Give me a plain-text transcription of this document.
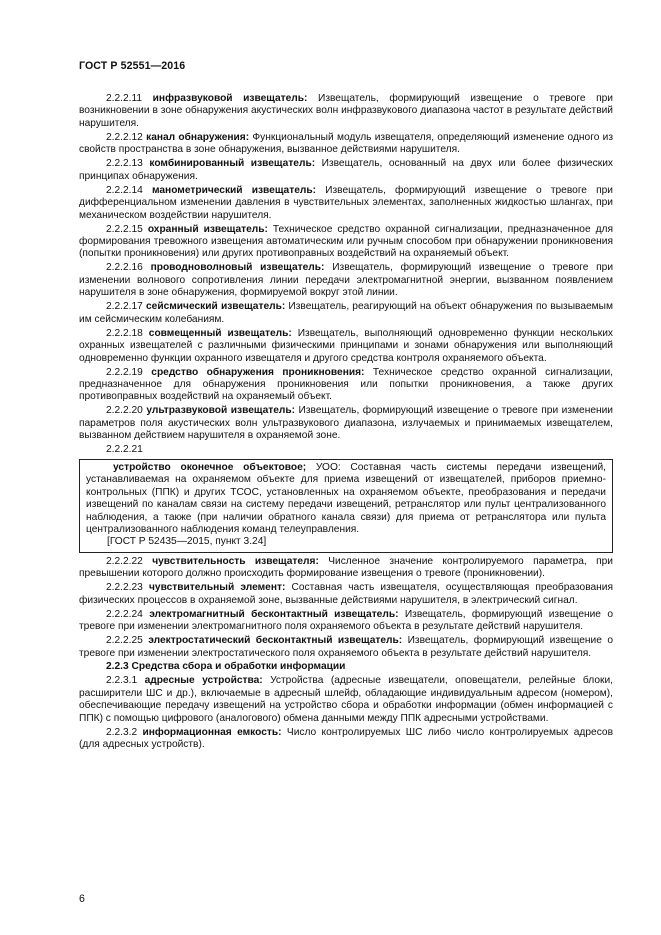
ГОСТ Р 52551—2016

2.2.2.11 инфразвуковой извещатель: Извещатель, формирующий извещение о тревоге при возникновении в зоне обнаружения акустических волн инфразвукового диапазона частот в результате действий нарушителя.

2.2.2.12 канал обнаружения: Функциональный модуль извещателя, определяющий изменение одного из свойств пространства в зоне обнаружения, вызванное действиями нарушителя.

2.2.2.13 комбинированный извещатель: Извещатель, основанный на двух или более физических принципах обнаружения.

2.2.2.14 манометрический извещатель: Извещатель, формирующий извещение о тревоге при дифференциальном изменении давления в чувствительных элементах, заполненных жидкостью шлангах, при механическом воздействии нарушителя.

2.2.2.15 охранный извещатель: Техническое средство охранной сигнализации, предназначенное для формирования тревожного извещения автоматическим или ручным способом при обнаружении проникновения (попытки проникновения) или других противоправных воздействий на охраняемый объект.

2.2.2.16 проводноволновый извещатель: Извещатель, формирующий извещение о тревоге при изменении волнового сопротивления линии передачи электромагнитной энергии, вызванном появлением нарушителя в зоне обнаружения, формируемой вокруг этой линии.

2.2.2.17 сейсмический извещатель: Извещатель, реагирующий на объект обнаружения по вызываемым им сейсмическим колебаниям.

2.2.2.18 совмещенный извещатель: Извещатель, выполняющий одновременно функции нескольких охранных извещателей с различными физическими принципами и зонами обнаружения или выполняющий одновременно функции охранного извещателя и другого средства контроля охраняемого объекта.

2.2.2.19 средство обнаружения проникновения: Техническое средство охранной сигнализации, предназначенное для обнаружения проникновения или попытки проникновения, а также других противоправных воздействий на охраняемый объект.

2.2.2.20 ультразвуковой извещатель: Извещатель, формирующий извещение о тревоге при изменении параметров поля акустических волн ультразвукового диапазона, излучаемых и принимаемых извещателем, вызванном действием нарушителя в охраняемой зоне.

2.2.2.21

устройство оконечное объектовое; УОО: Составная часть системы передачи извещений, устанавливаемая на охраняемом объекте для приема извещений от извещателей, приборов приемно-контрольных (ППК) и других ТСОС, установленных на охраняемом объекте, преобразования и передачи извещений по каналам связи на систему передачи извещений, ретранслятор или пульт централизованного наблюдения, а также (при наличии обратного канала связи) для приема от ретранслятора или пульта централизованного наблюдения команд телеуправления.

[ГОСТ Р 52435—2015, пункт 3.24]

2.2.2.22 чувствительность извещателя: Численное значение контролируемого параметра, при превышении которого должно происходить формирование извещения о тревоге (проникновении).

2.2.2.23 чувствительный элемент: Составная часть извещателя, осуществляющая преобразования физических процессов в охраняемой зоне, вызванные действиями нарушителя, в электрический сигнал.

2.2.2.24 электромагнитный бесконтактный извещатель: Извещатель, формирующий извещение о тревоге при изменении электромагнитного поля охраняемого объекта в результате действий нарушителя.

2.2.2.25 электростатический бесконтактный извещатель: Извещатель, формирующий извещение о тревоге при изменении электростатического поля охраняемого объекта в результате действий нарушителя.

2.2.3 Средства сбора и обработки информации

2.2.3.1 адресные устройства: Устройства (адресные извещатели, оповещатели, релейные блоки, расширители ШС и др.), включаемые в адресный шлейф, обладающие индивидуальным адресом (номером), обеспечивающие передачу извещений на устройство сбора и обработки информации (обмен информацией с ППК) с помощью цифрового (аналогового) обмена данными между ППК адресными устройствами.

2.2.3.2 информационная емкость: Число контролируемых ШС либо число контролируемых адресов (для адресных устройств).

6
